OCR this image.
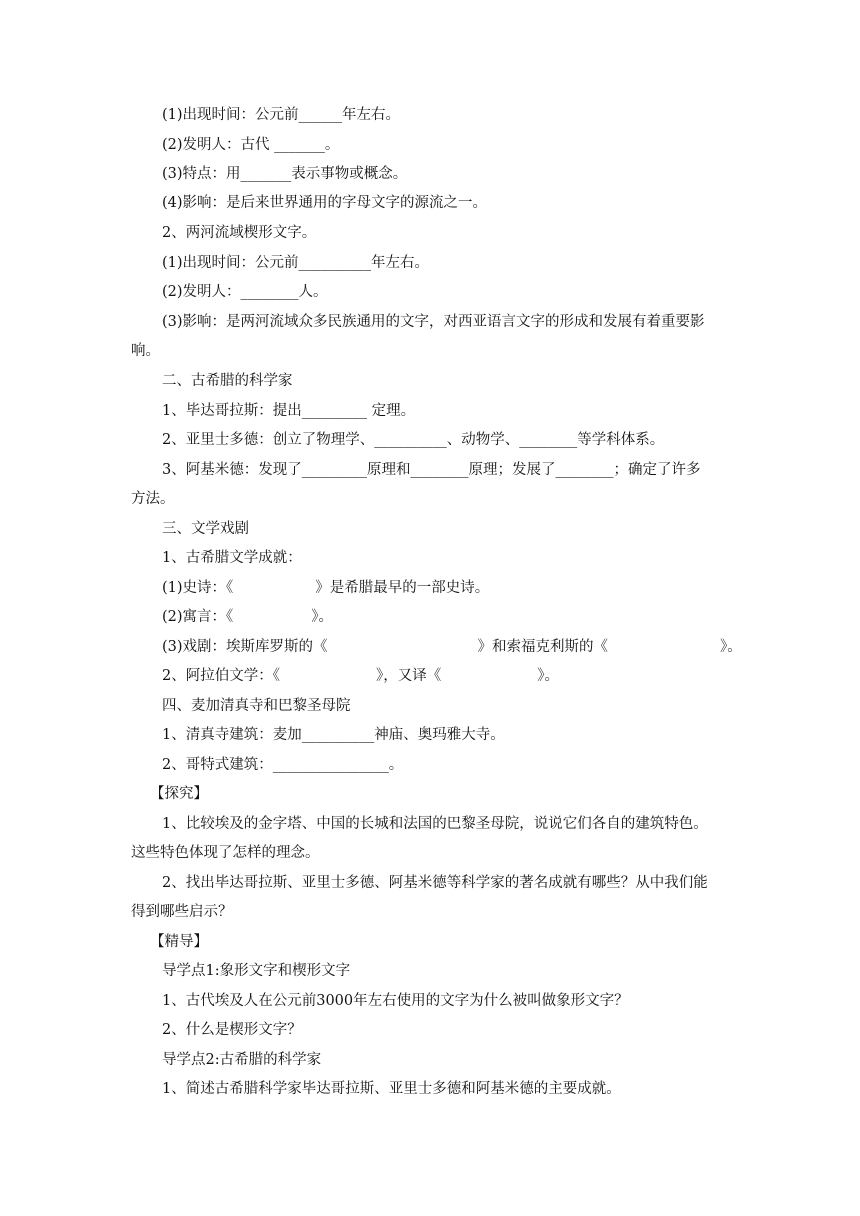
(1)出现时间：公元前______年左右。
(2)发明人：古代 _______。
(3)特点：用_______表示事物或概念。
(4)影响：是后来世界通用的字母文字的源流之一。
2、两河流域楔形文字。
(1)出现时间：公元前__________年左右。
(2)发明人：________人。
(3)影响：是两河流域众多民族通用的文字，对西亚语言文字的形成和发展有着重要影
响。
二、古希腊的科学家
1、毕达哥拉斯：提出_________ 定理。
2、亚里士多德：创立了物理学、__________、动物学、________等学科体系。
3、阿基米德：发现了_________原理和________原理；发展了________；确定了许多
方法。
三、文学戏剧
1、古希腊文学成就：
(1)史诗：《	》是希腊最早的一部史诗。
(2)寓言：《	》。
(3)戏剧：埃斯库罗斯的《	》和索福克利斯的《	》。
2、阿拉伯文学：《	》，又译《	》。
四、麦加清真寺和巴黎圣母院
1、清真寺建筑：麦加__________神庙、奥玛雅大寺。
2、哥特式建筑：________________。
【探究】
1、比较埃及的金字塔、中国的长城和法国的巴黎圣母院，说说它们各自的建筑特色。
这些特色体现了怎样的理念。
2、找出毕达哥拉斯、亚里士多德、阿基米德等科学家的著名成就有哪些？从中我们能
得到哪些启示？
【精导】
导学点1:象形文字和楔形文字
1、古代埃及人在公元前3000年左右使用的文字为什么被叫做象形文字？
2、什么是楔形文字？
导学点2:古希腊的科学家
1、简述古希腊科学家毕达哥拉斯、亚里士多德和阿基米德的主要成就。
